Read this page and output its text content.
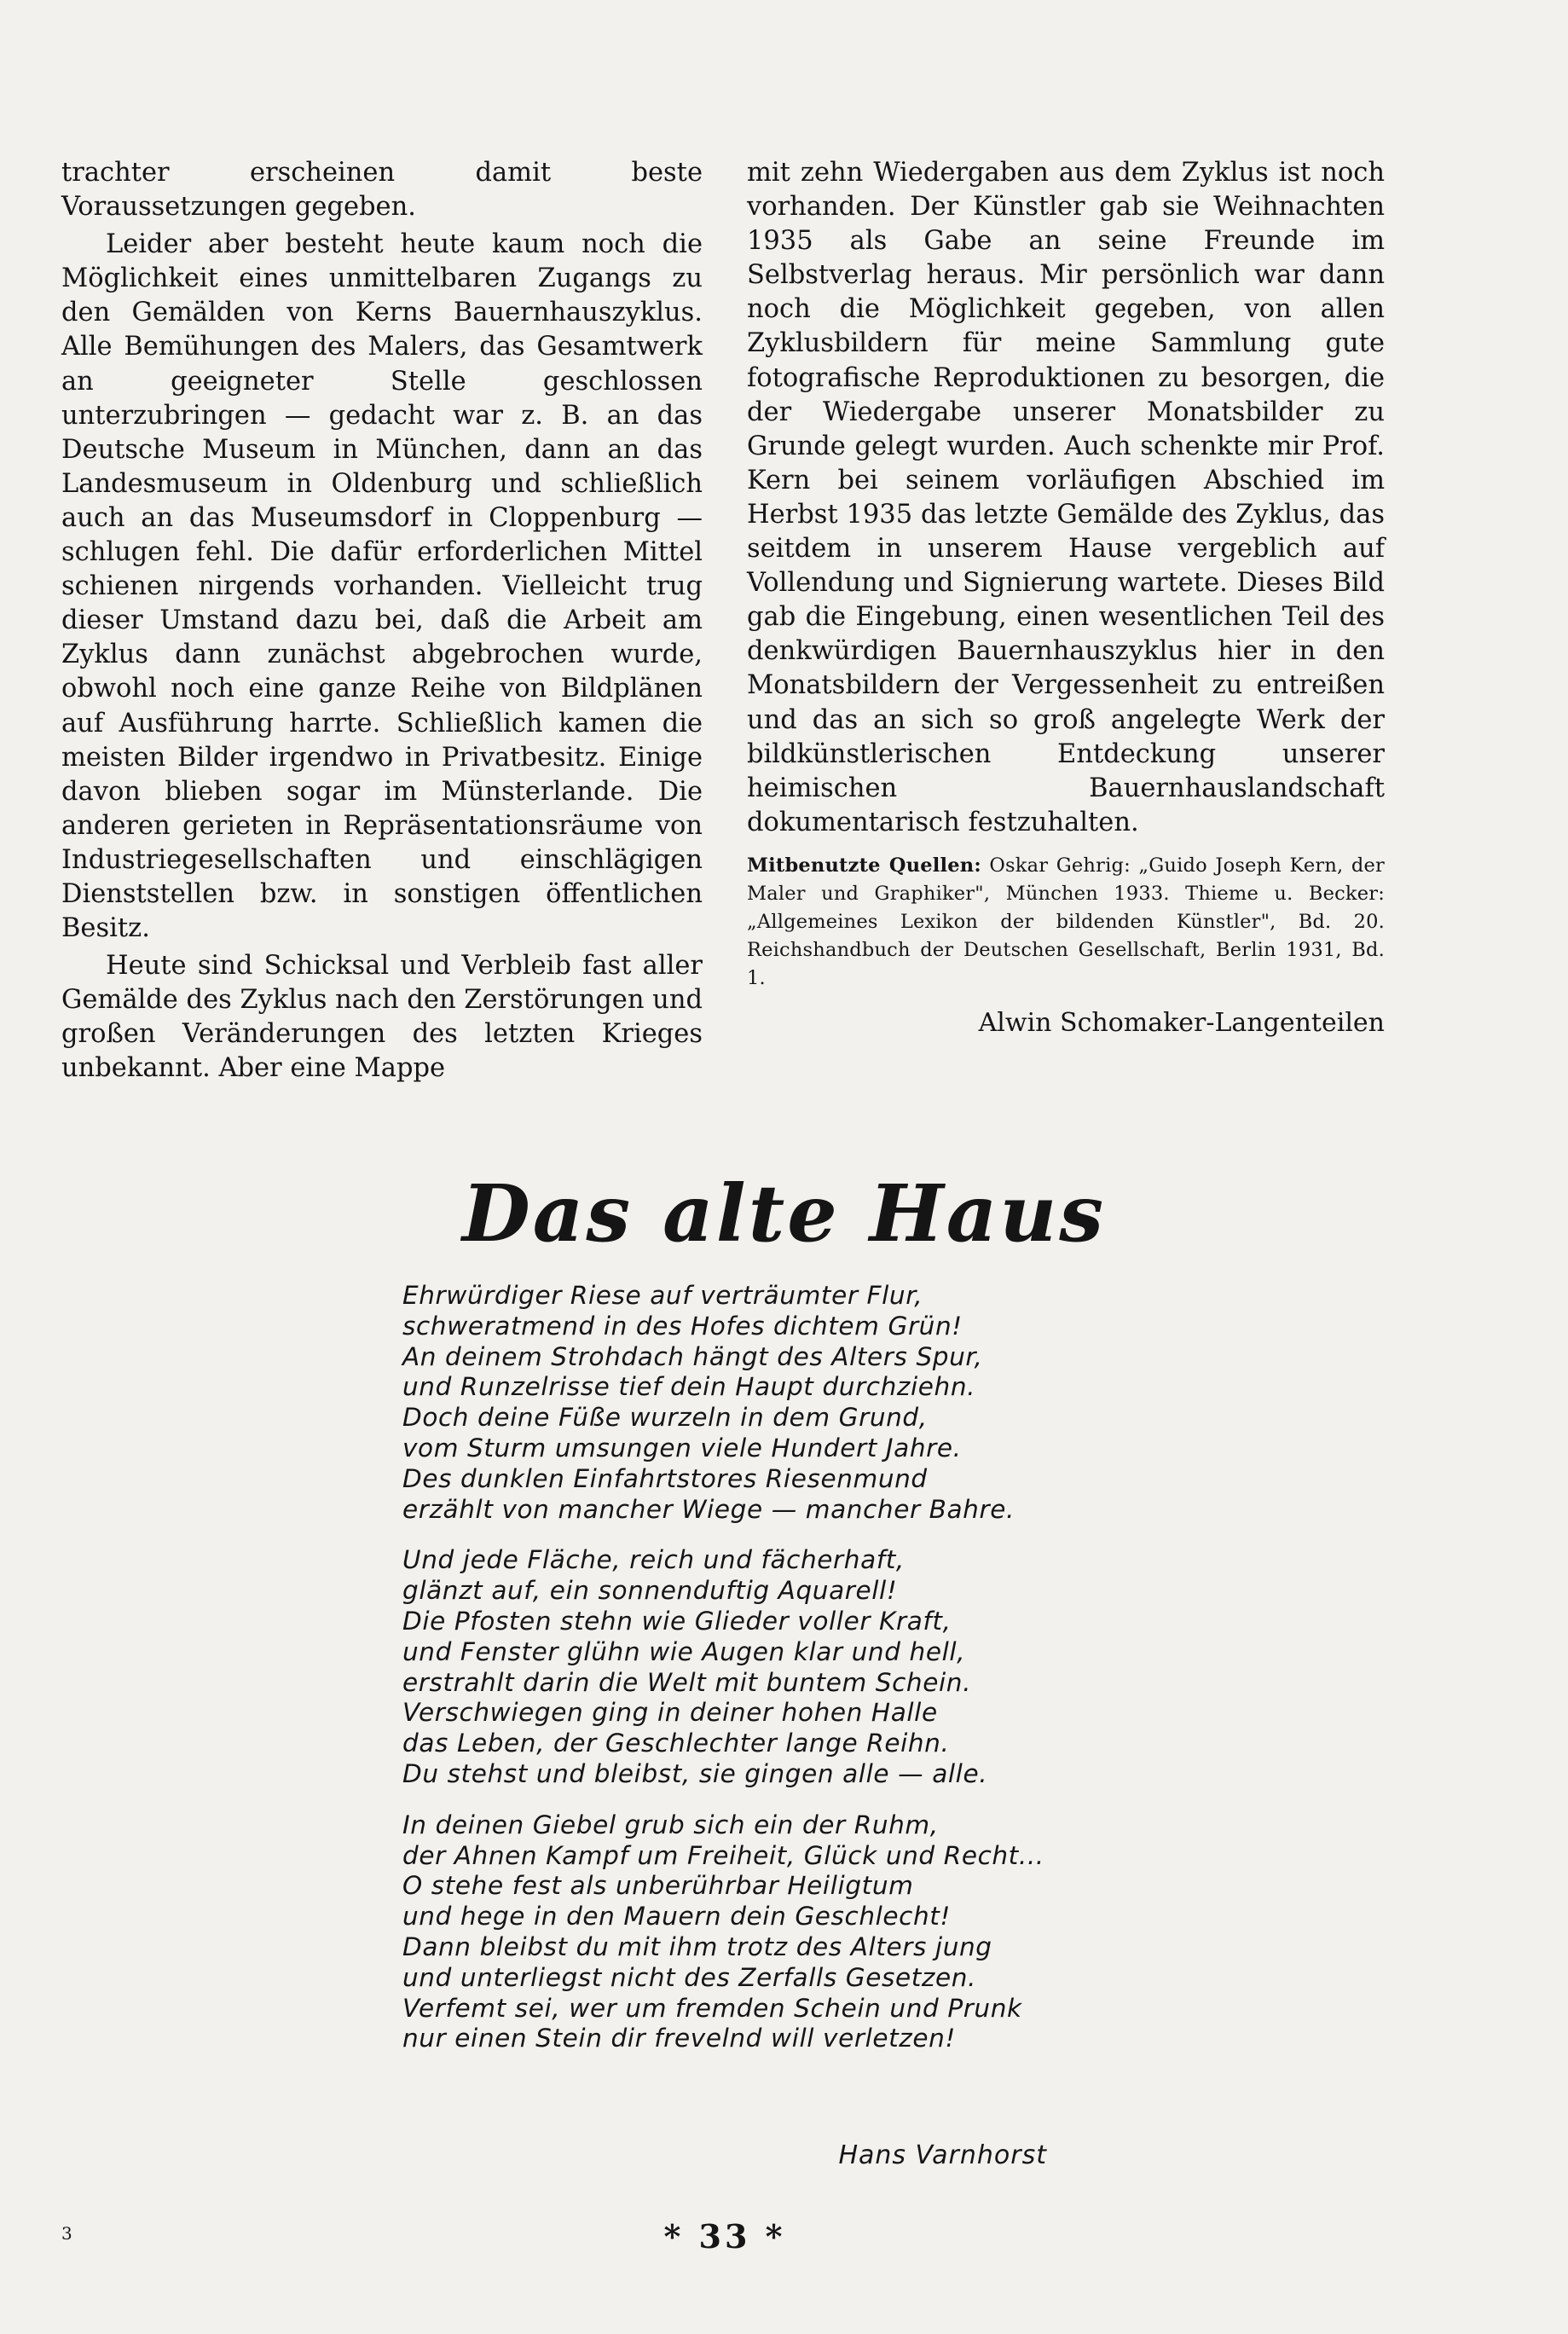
trachter erscheinen damit beste Voraussetzungen gegeben.

Leider aber besteht heute kaum noch die Möglichkeit eines unmittelbaren Zugangs zu den Gemälden von Kerns Bauernhauszyklus. Alle Bemühungen des Malers, das Gesamtwerk an geeigneter Stelle geschlossen unterzubringen — gedacht war z. B. an das Deutsche Museum in München, dann an das Landesmuseum in Oldenburg und schließlich auch an das Museumsdorf in Cloppenburg — schlugen fehl. Die dafür erforderlichen Mittel schienen nirgends vorhanden. Vielleicht trug dieser Umstand dazu bei, daß die Arbeit am Zyklus dann zunächst abgebrochen wurde, obwohl noch eine ganze Reihe von Bildplänen auf Ausführung harrte. Schließlich kamen die meisten Bilder irgendwo in Privatbesitz. Einige davon blieben sogar im Münsterlande. Die anderen gerieten in Repräsentationsräume von Industriegesellschaften und einschlägigen Dienststellen bzw. in sonstigen öffentlichen Besitz.

Heute sind Schicksal und Verbleib fast aller Gemälde des Zyklus nach den Zerstörungen und großen Veränderungen des letzten Krieges unbekannt. Aber eine Mappe

mit zehn Wiedergaben aus dem Zyklus ist noch vorhanden. Der Künstler gab sie Weihnachten 1935 als Gabe an seine Freunde im Selbstverlag heraus. Mir persönlich war dann noch die Möglichkeit gegeben, von allen Zyklusbildern für meine Sammlung gute fotografische Reproduktionen zu besorgen, die der Wiedergabe unserer Monatsbilder zu Grunde gelegt wurden. Auch schenkte mir Prof. Kern bei seinem vorläufigen Abschied im Herbst 1935 das letzte Gemälde des Zyklus, das seitdem in unserem Hause vergeblich auf Vollendung und Signierung wartete. Dieses Bild gab die Eingebung, einen wesentlichen Teil des denkwürdigen Bauernhauszyklus hier in den Monatsbildern der Vergessenheit zu entreißen und das an sich so groß angelegte Werk der bildkünstlerischen Entdeckung unserer heimischen Bauernhauslandschaft dokumentarisch festzuhalten.

Mitbenutzte Quellen: Oskar Gehrig: „Guido Joseph Kern, der Maler und Graphiker", München 1933. Thieme u. Becker: „Allgemeines Lexikon der bildenden Künstler", Bd. 20. Reichshandbuch der Deutschen Gesellschaft, Berlin 1931, Bd. 1.
Alwin Schomaker-Langenteilen
Das alte Haus
Ehrwürdiger Riese auf verträumter Flur,
schweratmend in des Hofes dichtem Grün!
An deinem Strohdach hängt des Alters Spur,
und Runzelrisse tief dein Haupt durchziehn.
Doch deine Füße wurzeln in dem Grund,
vom Sturm umsungen viele Hundert Jahre.
Des dunklen Einfahrtstores Riesenmund
erzählt von mancher Wiege — mancher Bahre.
Und jede Fläche, reich und fächerhaft,
glänzt auf, ein sonnenduftig Aquarell!
Die Pfosten stehn wie Glieder voller Kraft,
und Fenster glühn wie Augen klar und hell,
erstrahlt darin die Welt mit buntem Schein.
Verschwiegen ging in deiner hohen Halle
das Leben, der Geschlechter lange Reihn.
Du stehst und bleibst, sie gingen alle — alle.
In deinen Giebel grub sich ein der Ruhm,
der Ahnen Kampf um Freiheit, Glück und Recht...
O stehe fest als unberührbar Heiligtum
und hege in den Mauern dein Geschlecht!
Dann bleibst du mit ihm trotz des Alters jung
und unterliegst nicht des Zerfalls Gesetzen.
Verfemt sei, wer um fremden Schein und Prunk
nur einen Stein dir frevelnd will verletzen!
Hans Varnhorst
3	* 33 *
